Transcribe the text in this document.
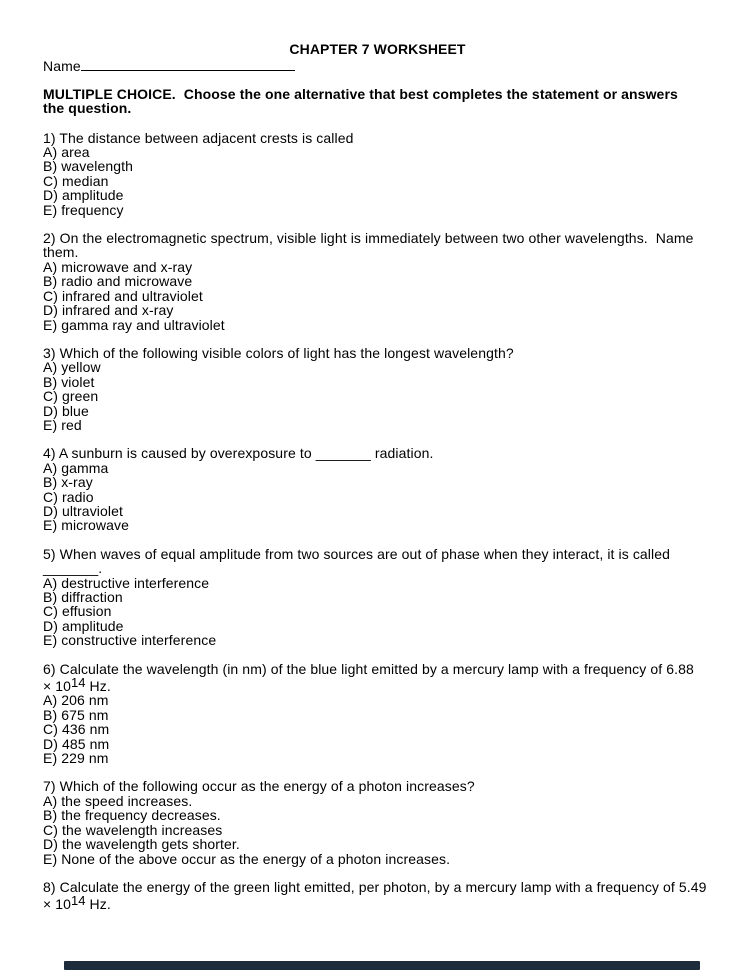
CHAPTER 7 WORKSHEET
Name
MULTIPLE CHOICE.  Choose the one alternative that best completes the statement or answers
the question.
1) The distance between adjacent crests is called
A) area
B) wavelength
C) median
D) amplitude
E) frequency
2) On the electromagnetic spectrum, visible light is immediately between two other wavelengths.  Name
them.
A) microwave and x-ray
B) radio and microwave
C) infrared and ultraviolet
D) infrared and x-ray
E) gamma ray and ultraviolet
3) Which of the following visible colors of light has the longest wavelength?
A) yellow
B) violet
C) green
D) blue
E) red
4) A sunburn is caused by overexposure to _______ radiation.
A) gamma
B) x-ray
C) radio
D) ultraviolet
E) microwave
5) When waves of equal amplitude from two sources are out of phase when they interact, it is called
_______.
A) destructive interference
B) diffraction
C) effusion
D) amplitude
E) constructive interference
6) Calculate the wavelength (in nm) of the blue light emitted by a mercury lamp with a frequency of 6.88
× 1014 Hz.
A) 206 nm
B) 675 nm
C) 436 nm
D) 485 nm
E) 229 nm
7) Which of the following occur as the energy of a photon increases?
A) the speed increases.
B) the frequency decreases.
C) the wavelength increases
D) the wavelength gets shorter.
E) None of the above occur as the energy of a photon increases.
8) Calculate the energy of the green light emitted, per photon, by a mercury lamp with a frequency of 5.49
× 1014 Hz.
